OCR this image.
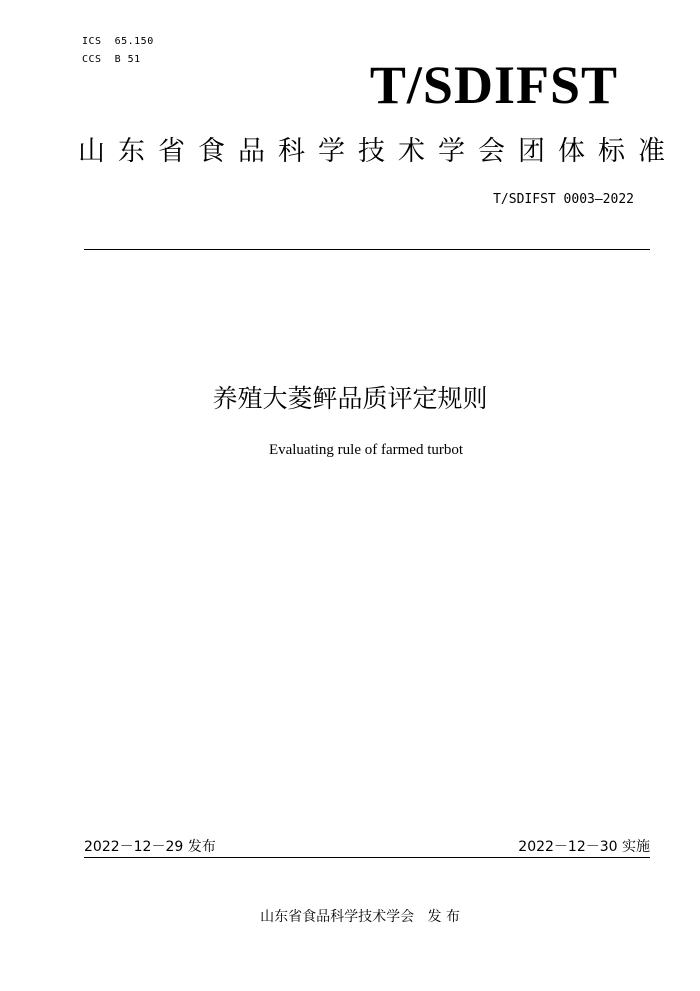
ICS  65.150
CCS  B 51	T/SDIFST
山东省食品科学技术学会团体标准
T/SDIFST 0003—2022
养殖大菱鲆品质评定规则
Evaluating rule of farmed turbot
2022－12－29 发布	2022－12－30 实施
山东省食品科学技术学会   发 布
